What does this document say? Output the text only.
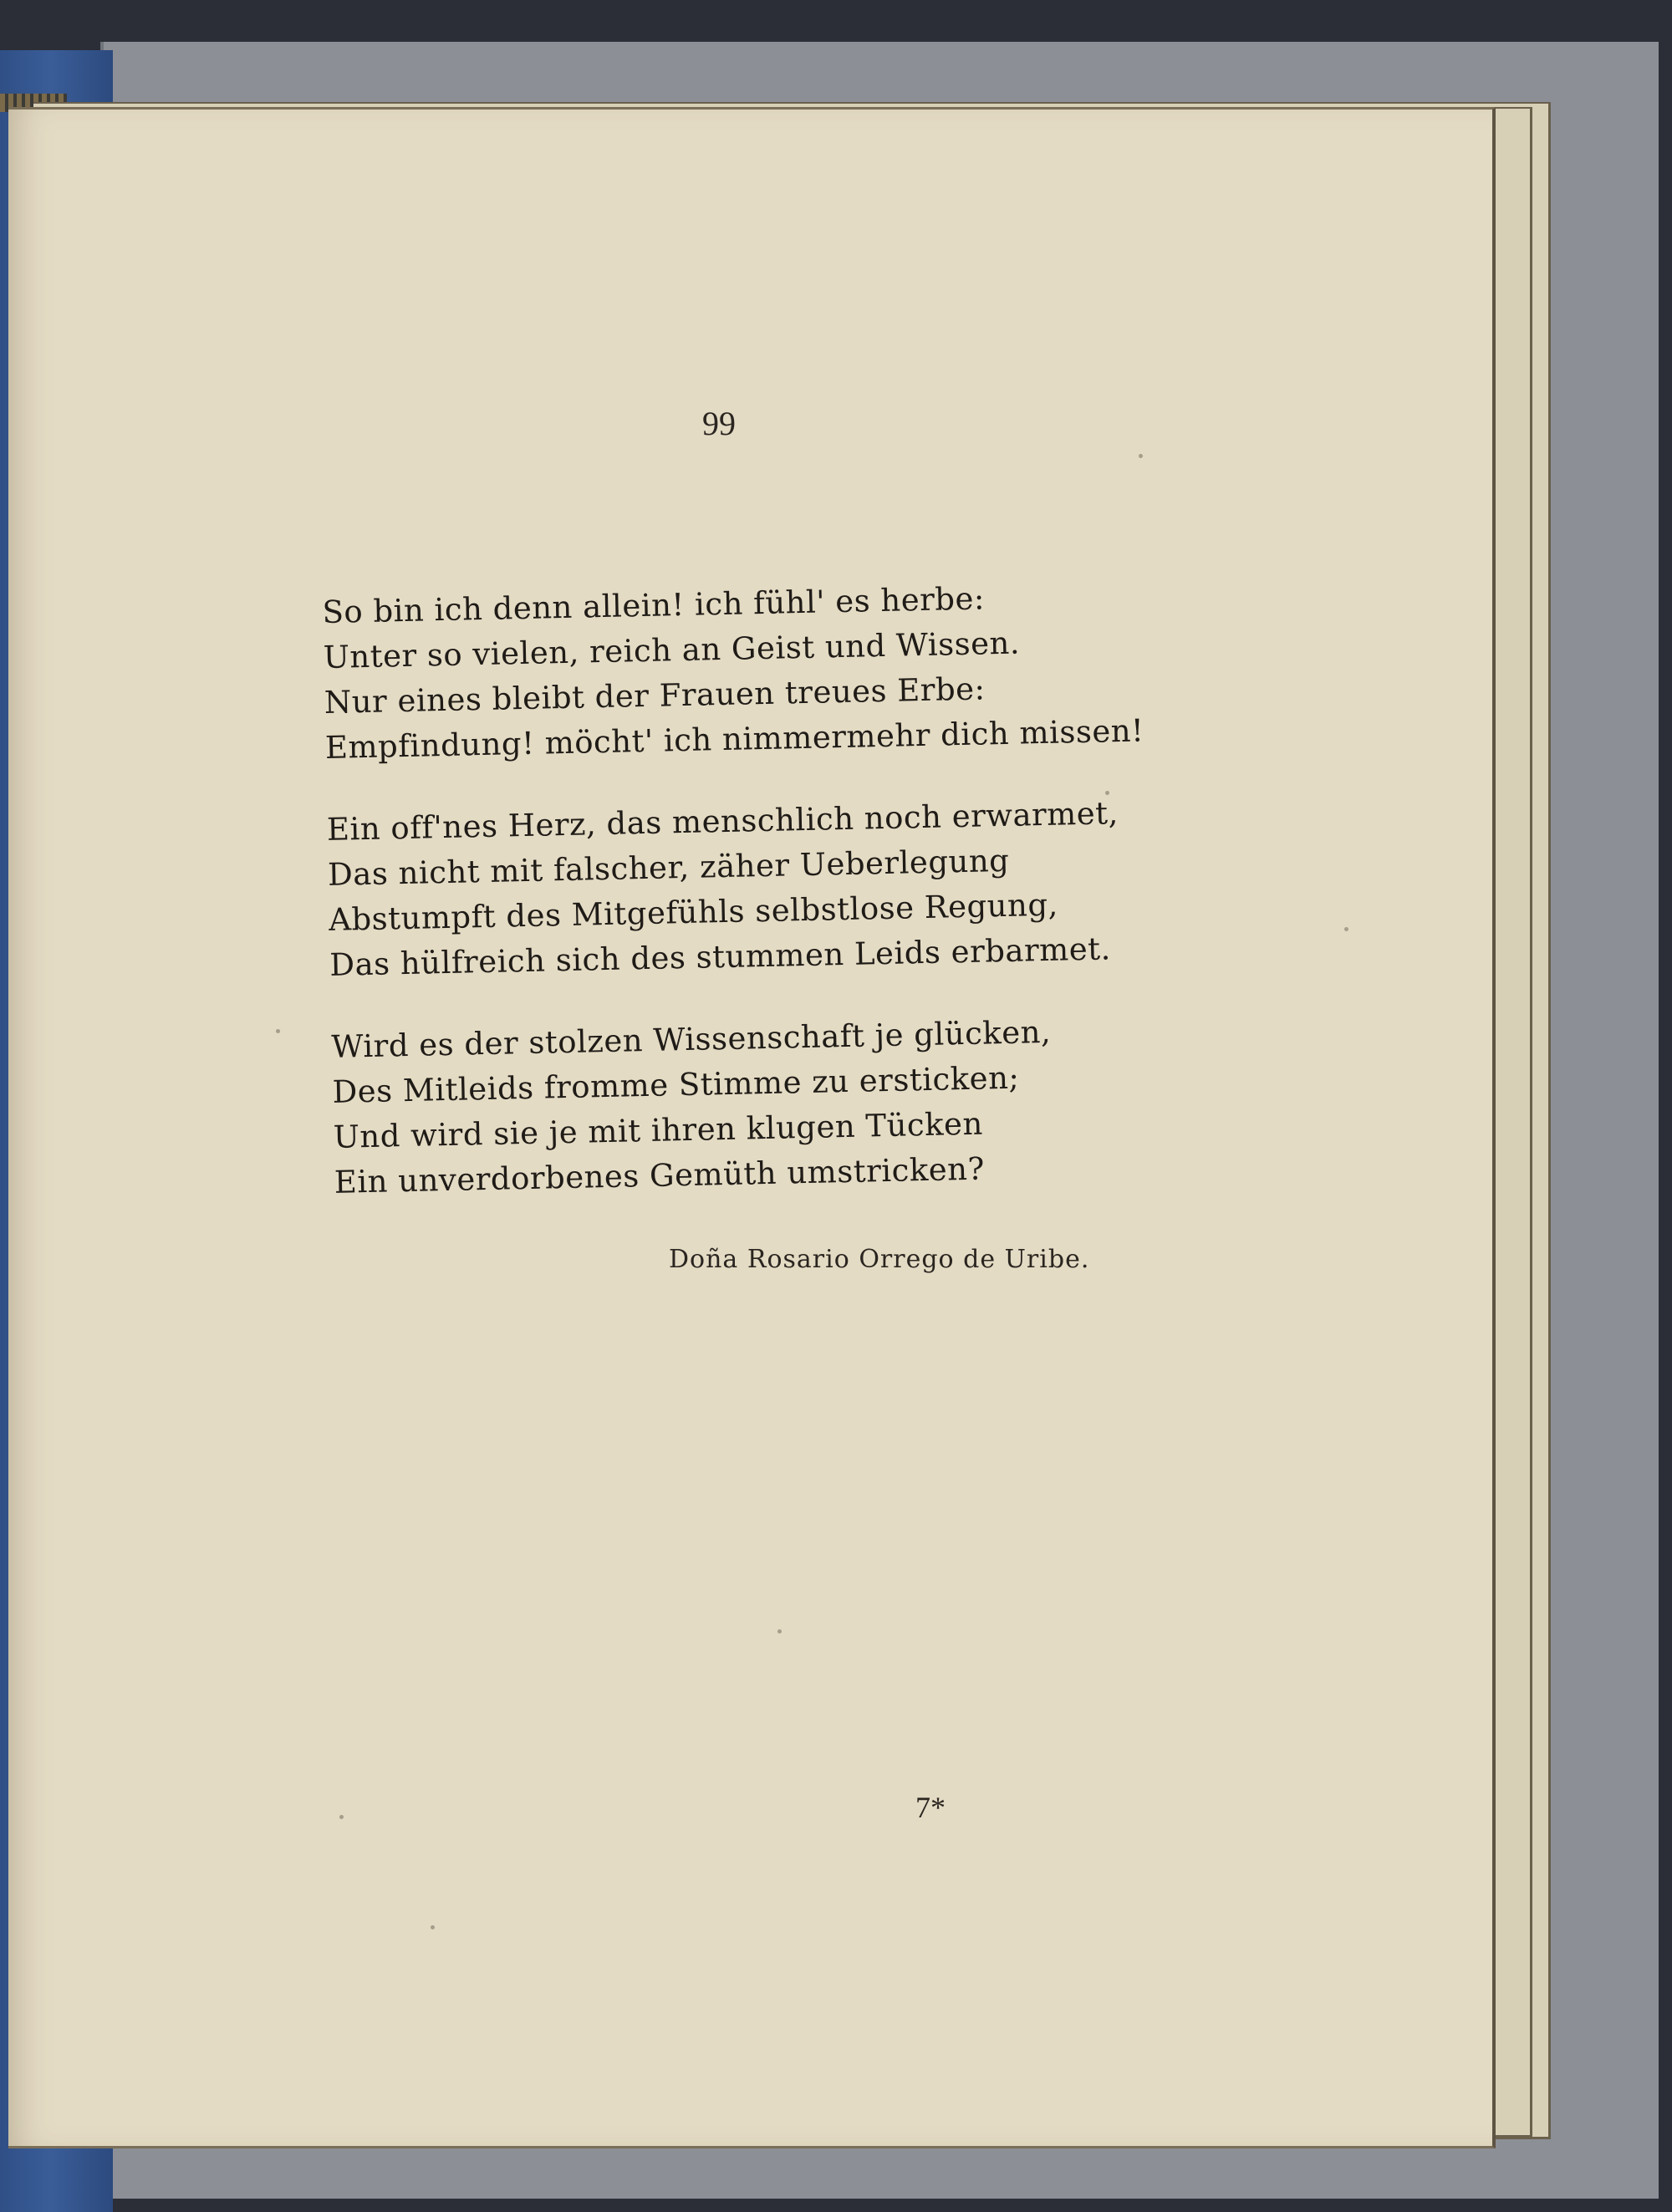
99
So bin ich denn allein! ich fühl' es herbe:
Unter so vielen, reich an Geist und Wissen.
Nur eines bleibt der Frauen treues Erbe:
Empfindung! möcht' ich nimmermehr dich missen!
Ein off'nes Herz, das menschlich noch erwarmet,
Das nicht mit falscher, zäher Ueberlegung
Abstumpft des Mitgefühls selbstlose Regung,
Das hülfreich sich des stummen Leids erbarmet.
Wird es der stolzen Wissenschaft je glücken,
Des Mitleids fromme Stimme zu ersticken;
Und wird sie je mit ihren klugen Tücken
Ein unverdorbenes Gemüth umstricken?
Doña Rosario Orrego de Uribe.
7*
